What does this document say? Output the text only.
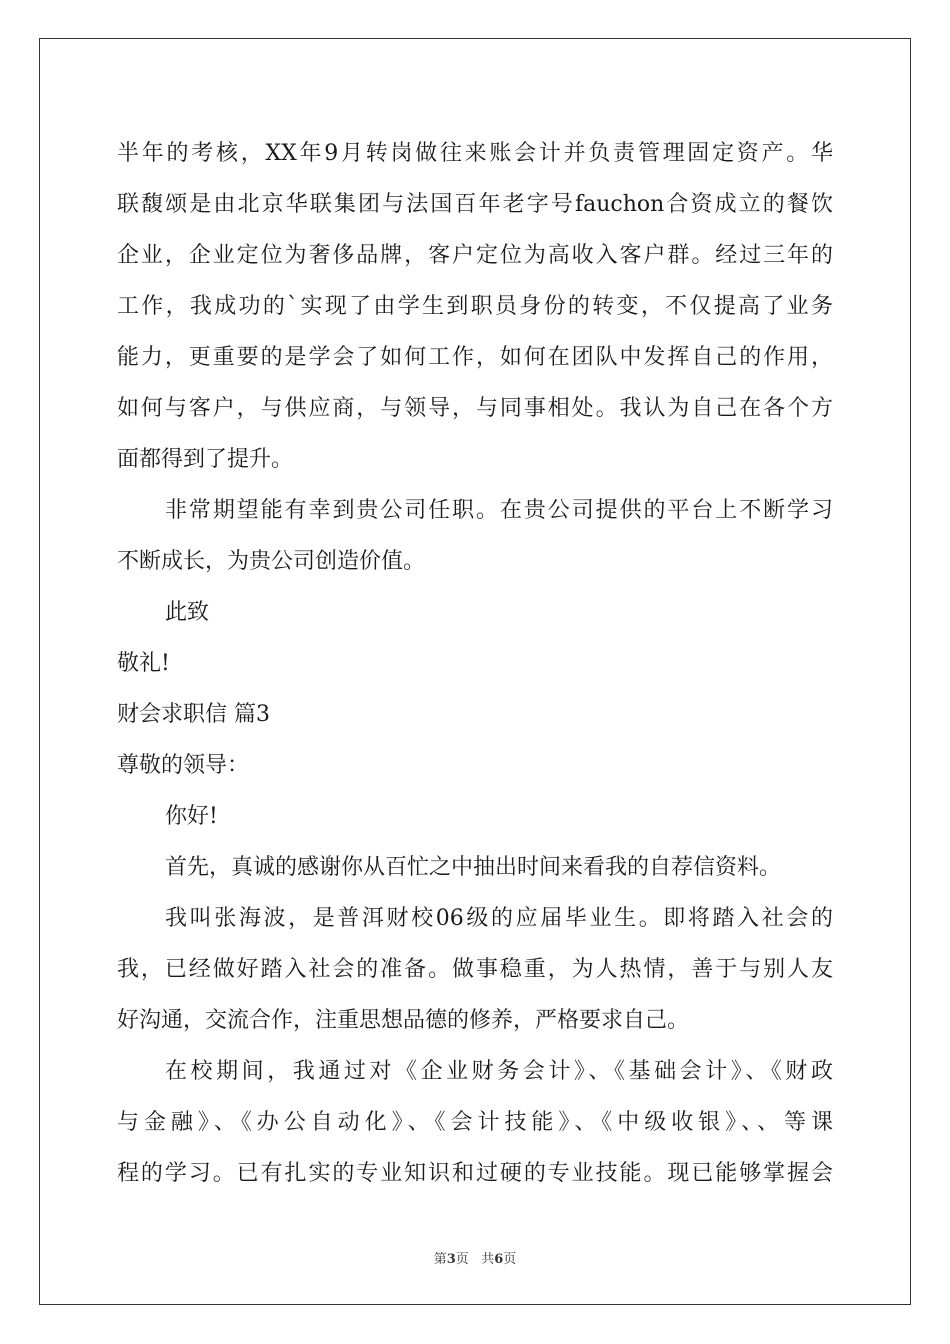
半年的考核，XX年9月转岗做往来账会计并负责管理固定资产。华
联馥颂是由北京华联集团与法国百年老字号fauchon合资成立的餐饮
企业，企业定位为奢侈品牌，客户定位为高收入客户群。经过三年的
工作，我成功的`实现了由学生到职员身份的转变，不仅提高了业务
能力，更重要的是学会了如何工作，如何在团队中发挥自己的作用，
如何与客户，与供应商，与领导，与同事相处。我认为自己在各个方
面都得到了提升。
非常期望能有幸到贵公司任职。在贵公司提供的平台上不断学习
不断成长，为贵公司创造价值。
此致
敬礼!
财会求职信 篇3
尊敬的领导：
你好!
首先，真诚的感谢你从百忙之中抽出时间来看我的自荐信资料。
我叫张海波，是普洱财校06级的应届毕业生。即将踏入社会的
我，已经做好踏入社会的准备。做事稳重，为人热情，善于与别人友
好沟通，交流合作，注重思想品德的修养，严格要求自己。
在校期间，我通过对《企业财务会计》、《基础会计》、《财政
与金融》、《办公自动化》、《会计技能》、《中级收银》、、等课
程的学习。已有扎实的专业知识和过硬的专业技能。现已能够掌握会
第3页 共6页
